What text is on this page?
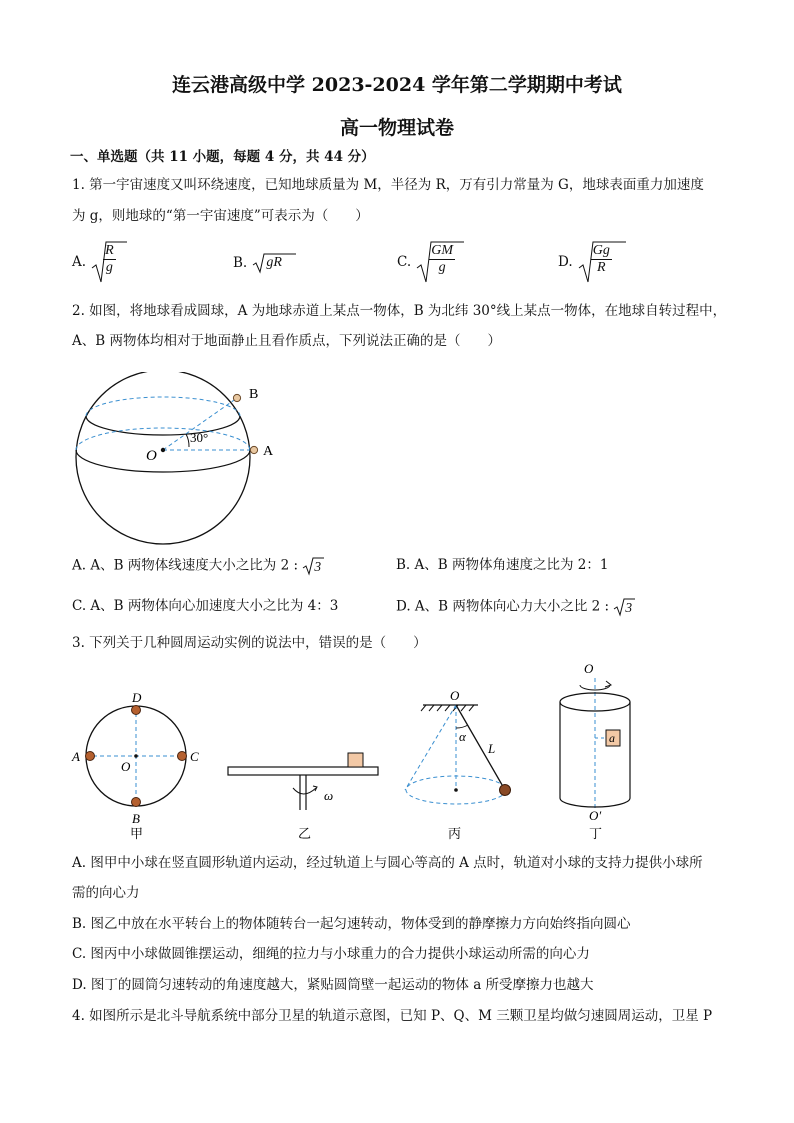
连云港高级中学 2023-2024 学年第二学期期中考试
高一物理试卷
一、单选题（共 11 小题，每题 4 分，共 44 分）
1. 第一宇宙速度又叫环绕速度，已知地球质量为 M，半径为 R，万有引力常量为 G，地球表面重力加速度
为 g，则地球的“第一宇宙速度”可表示为（　　）
A. $\frac{R}{g}$	B. gR	C. $\frac{GM}{g}$	D. $\frac{Gg}{R}$
2. 如图，将地球看成圆球，A 为地球赤道上某点一物体，B 为北纬 30°线上某点一物体，在地球自转过程中，
A、B 两物体均相对于地面静止且看作质点，下列说法正确的是（　　）
B
A
O
30°
A. A、B 两物体线速度大小之比为 2 : 3	B. A、B 两物体角速度之比为 2：1
C. A、B 两物体向心加速度大小之比为 4：3	D. A、B 两物体向心力大小之比 2 : 3
3. 下列关于几种圆周运动实例的说法中，错误的是（　　）
D
A
O
C
B
甲
ω
乙
O
α
L
丙
a
O
O′
丁
A. 图甲中小球在竖直圆形轨道内运动，经过轨道上与圆心等高的 A 点时，轨道对小球的支持力提供小球所
需的向心力
B. 图乙中放在水平转台上的物体随转台一起匀速转动，物体受到的静摩擦力方向始终指向圆心
C. 图丙中小球做圆锥摆运动，细绳的拉力与小球重力的合力提供小球运动所需的向心力
D. 图丁的圆筒匀速转动的角速度越大，紧贴圆筒壁一起运动的物体 a 所受摩擦力也越大
4. 如图所示是北斗导航系统中部分卫星的轨道示意图，已知 P、Q、M 三颗卫星均做匀速圆周运动，卫星 P
